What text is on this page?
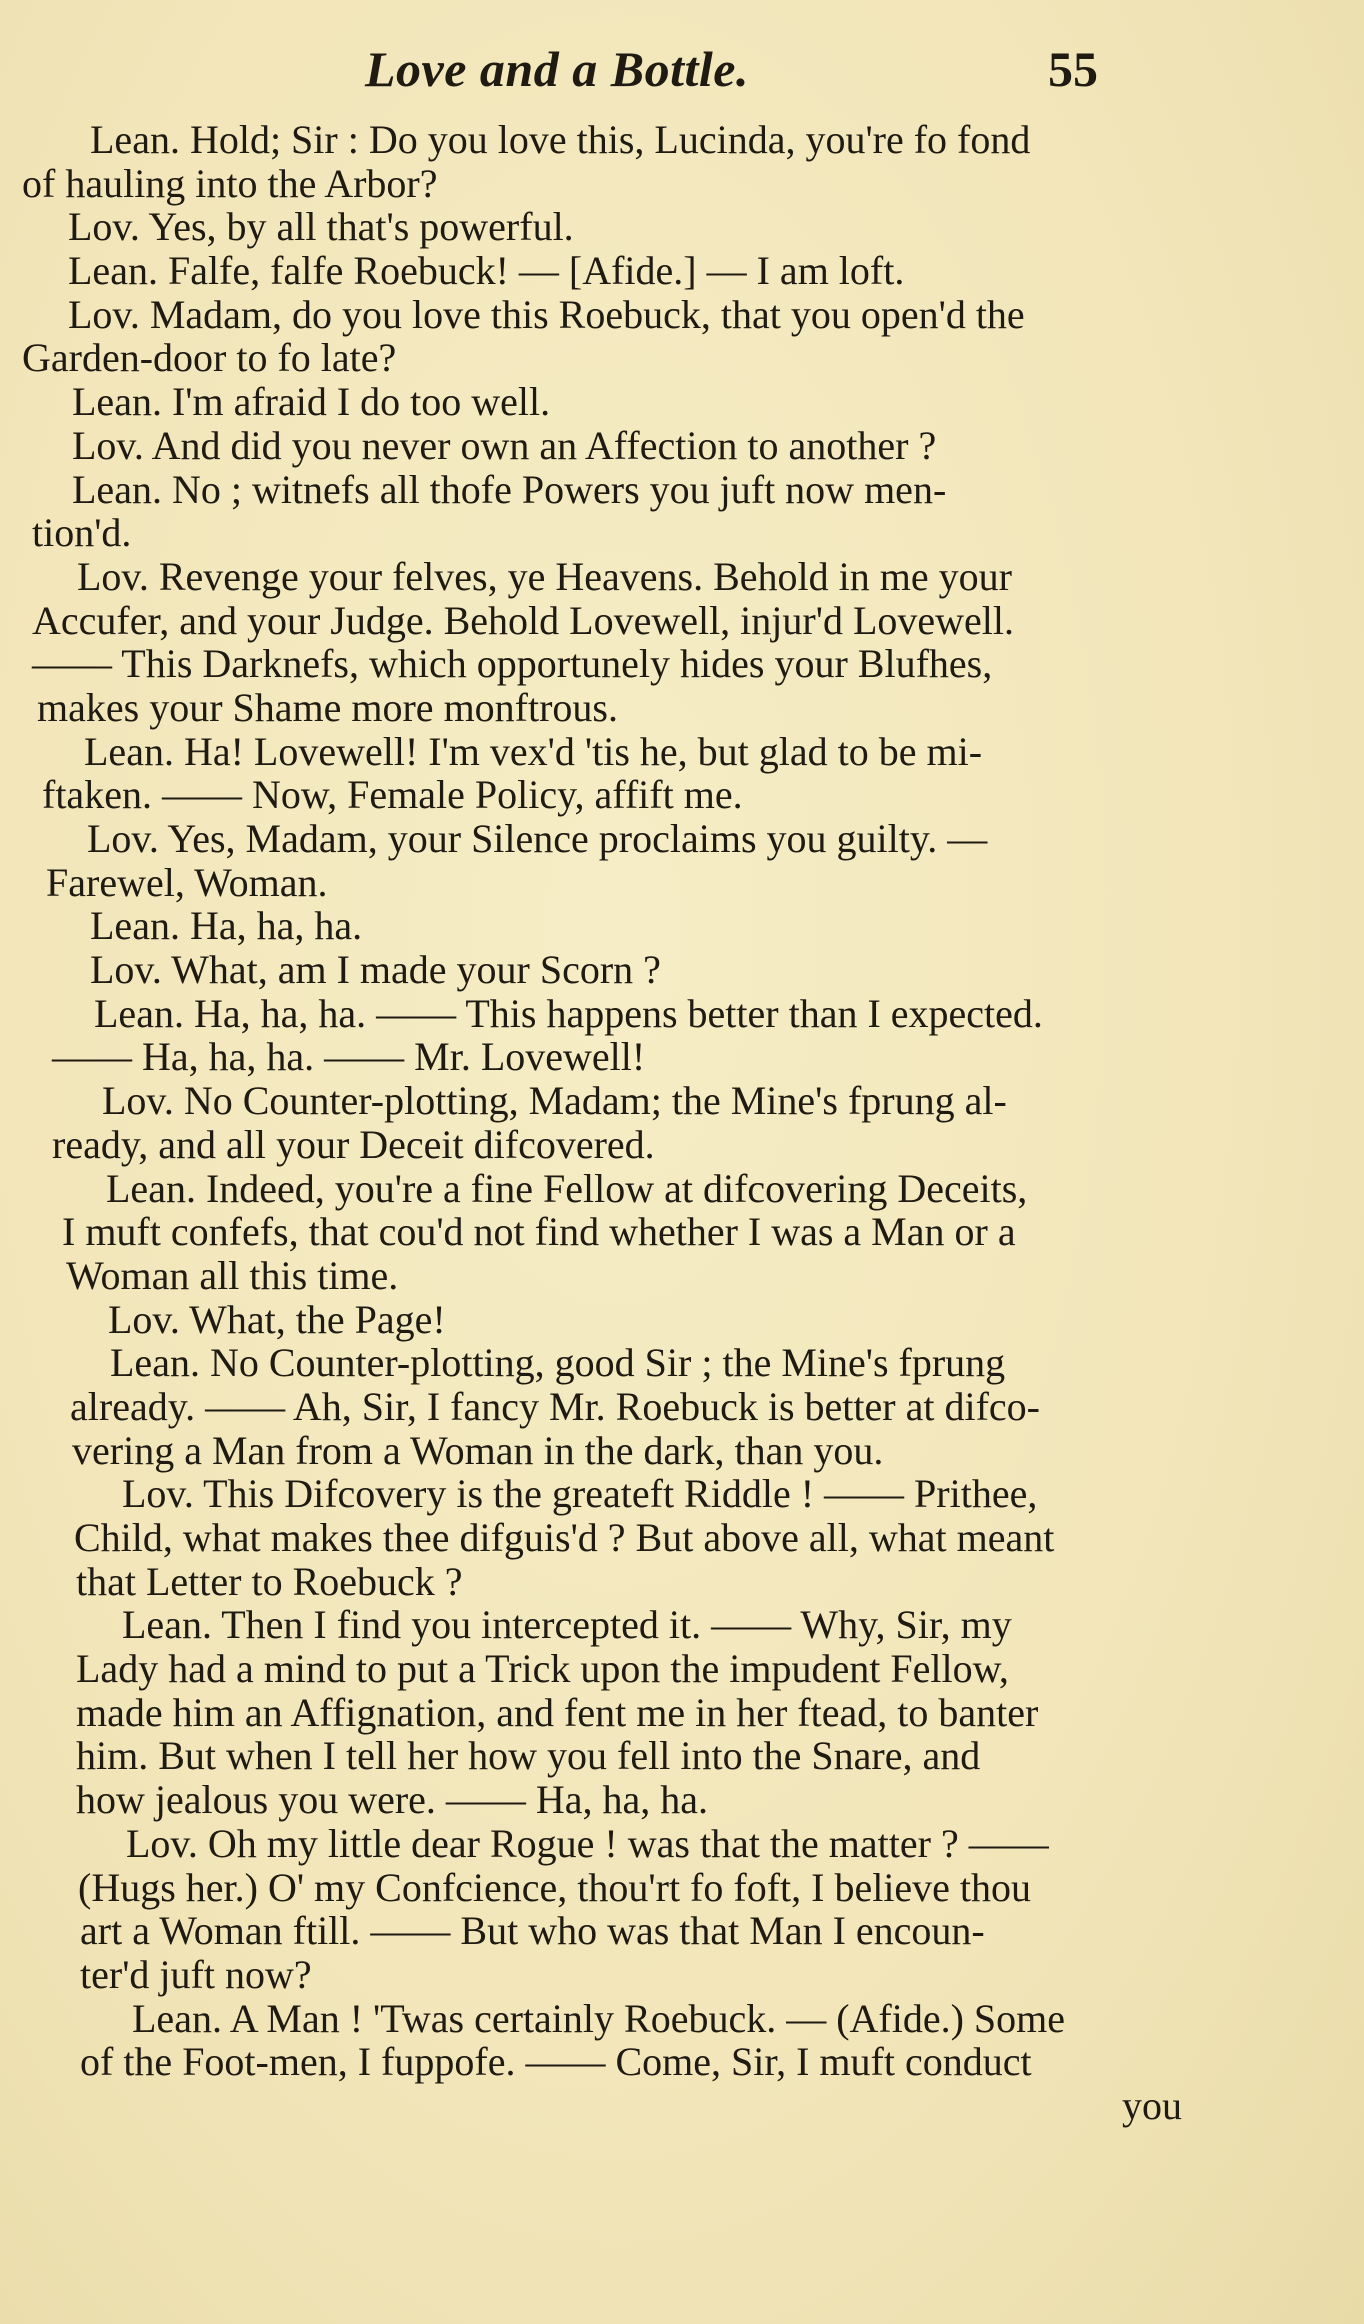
Love and a Bottle.	55
Lean. Hold; Sir : Do you love this, Lucinda, you're fo fond
of hauling into the Arbor?
Lov. Yes, by all that's powerful.
Lean. Falfe, falfe Roebuck! — [Afide.] — I am loft.
Lov. Madam, do you love this Roebuck, that you open'd the
Garden-door to fo late?
Lean. I'm afraid I do too well.
Lov. And did you never own an Affection to another ?
Lean. No ; witnefs all thofe Powers you juft now men-
tion'd.
Lov. Revenge your felves, ye Heavens. Behold in me your
Accufer, and your Judge. Behold Lovewell, injur'd Lovewell.
—— This Darknefs, which opportunely hides your Blufhes,
makes your Shame more monftrous.
Lean. Ha! Lovewell! I'm vex'd 'tis he, but glad to be mi-
ftaken. —— Now, Female Policy, affift me.
Lov. Yes, Madam, your Silence proclaims you guilty. —
Farewel, Woman.
Lean. Ha, ha, ha.
Lov. What, am I made your Scorn ?
Lean. Ha, ha, ha. —— This happens better than I expected.
—— Ha, ha, ha. —— Mr. Lovewell!
Lov. No Counter-plotting, Madam; the Mine's fprung al-
ready, and all your Deceit difcovered.
Lean. Indeed, you're a fine Fellow at difcovering Deceits,
I muft confefs, that cou'd not find whether I was a Man or a
Woman all this time.
Lov. What, the Page!
Lean. No Counter-plotting, good Sir ; the Mine's fprung
already. —— Ah, Sir, I fancy Mr. Roebuck is better at difco-
vering a Man from a Woman in the dark, than you.
Lov. This Difcovery is the greateft Riddle ! —— Prithee,
Child, what makes thee difguis'd ? But above all, what meant
that Letter to Roebuck ?
Lean. Then I find you intercepted it. —— Why, Sir, my
Lady had a mind to put a Trick upon the impudent Fellow,
made him an Affignation, and fent me in her ftead, to banter
him. But when I tell her how you fell into the Snare, and
how jealous you were. —— Ha, ha, ha.
Lov. Oh my little dear Rogue ! was that the matter ? ——
(Hugs her.) O' my Confcience, thou'rt fo foft, I believe thou
art a Woman ftill. —— But who was that Man I encoun-
ter'd juft now?
Lean. A Man ! 'Twas certainly Roebuck. — (Afide.) Some
of the Foot-men, I fuppofe. —— Come, Sir, I muft conduct
you
